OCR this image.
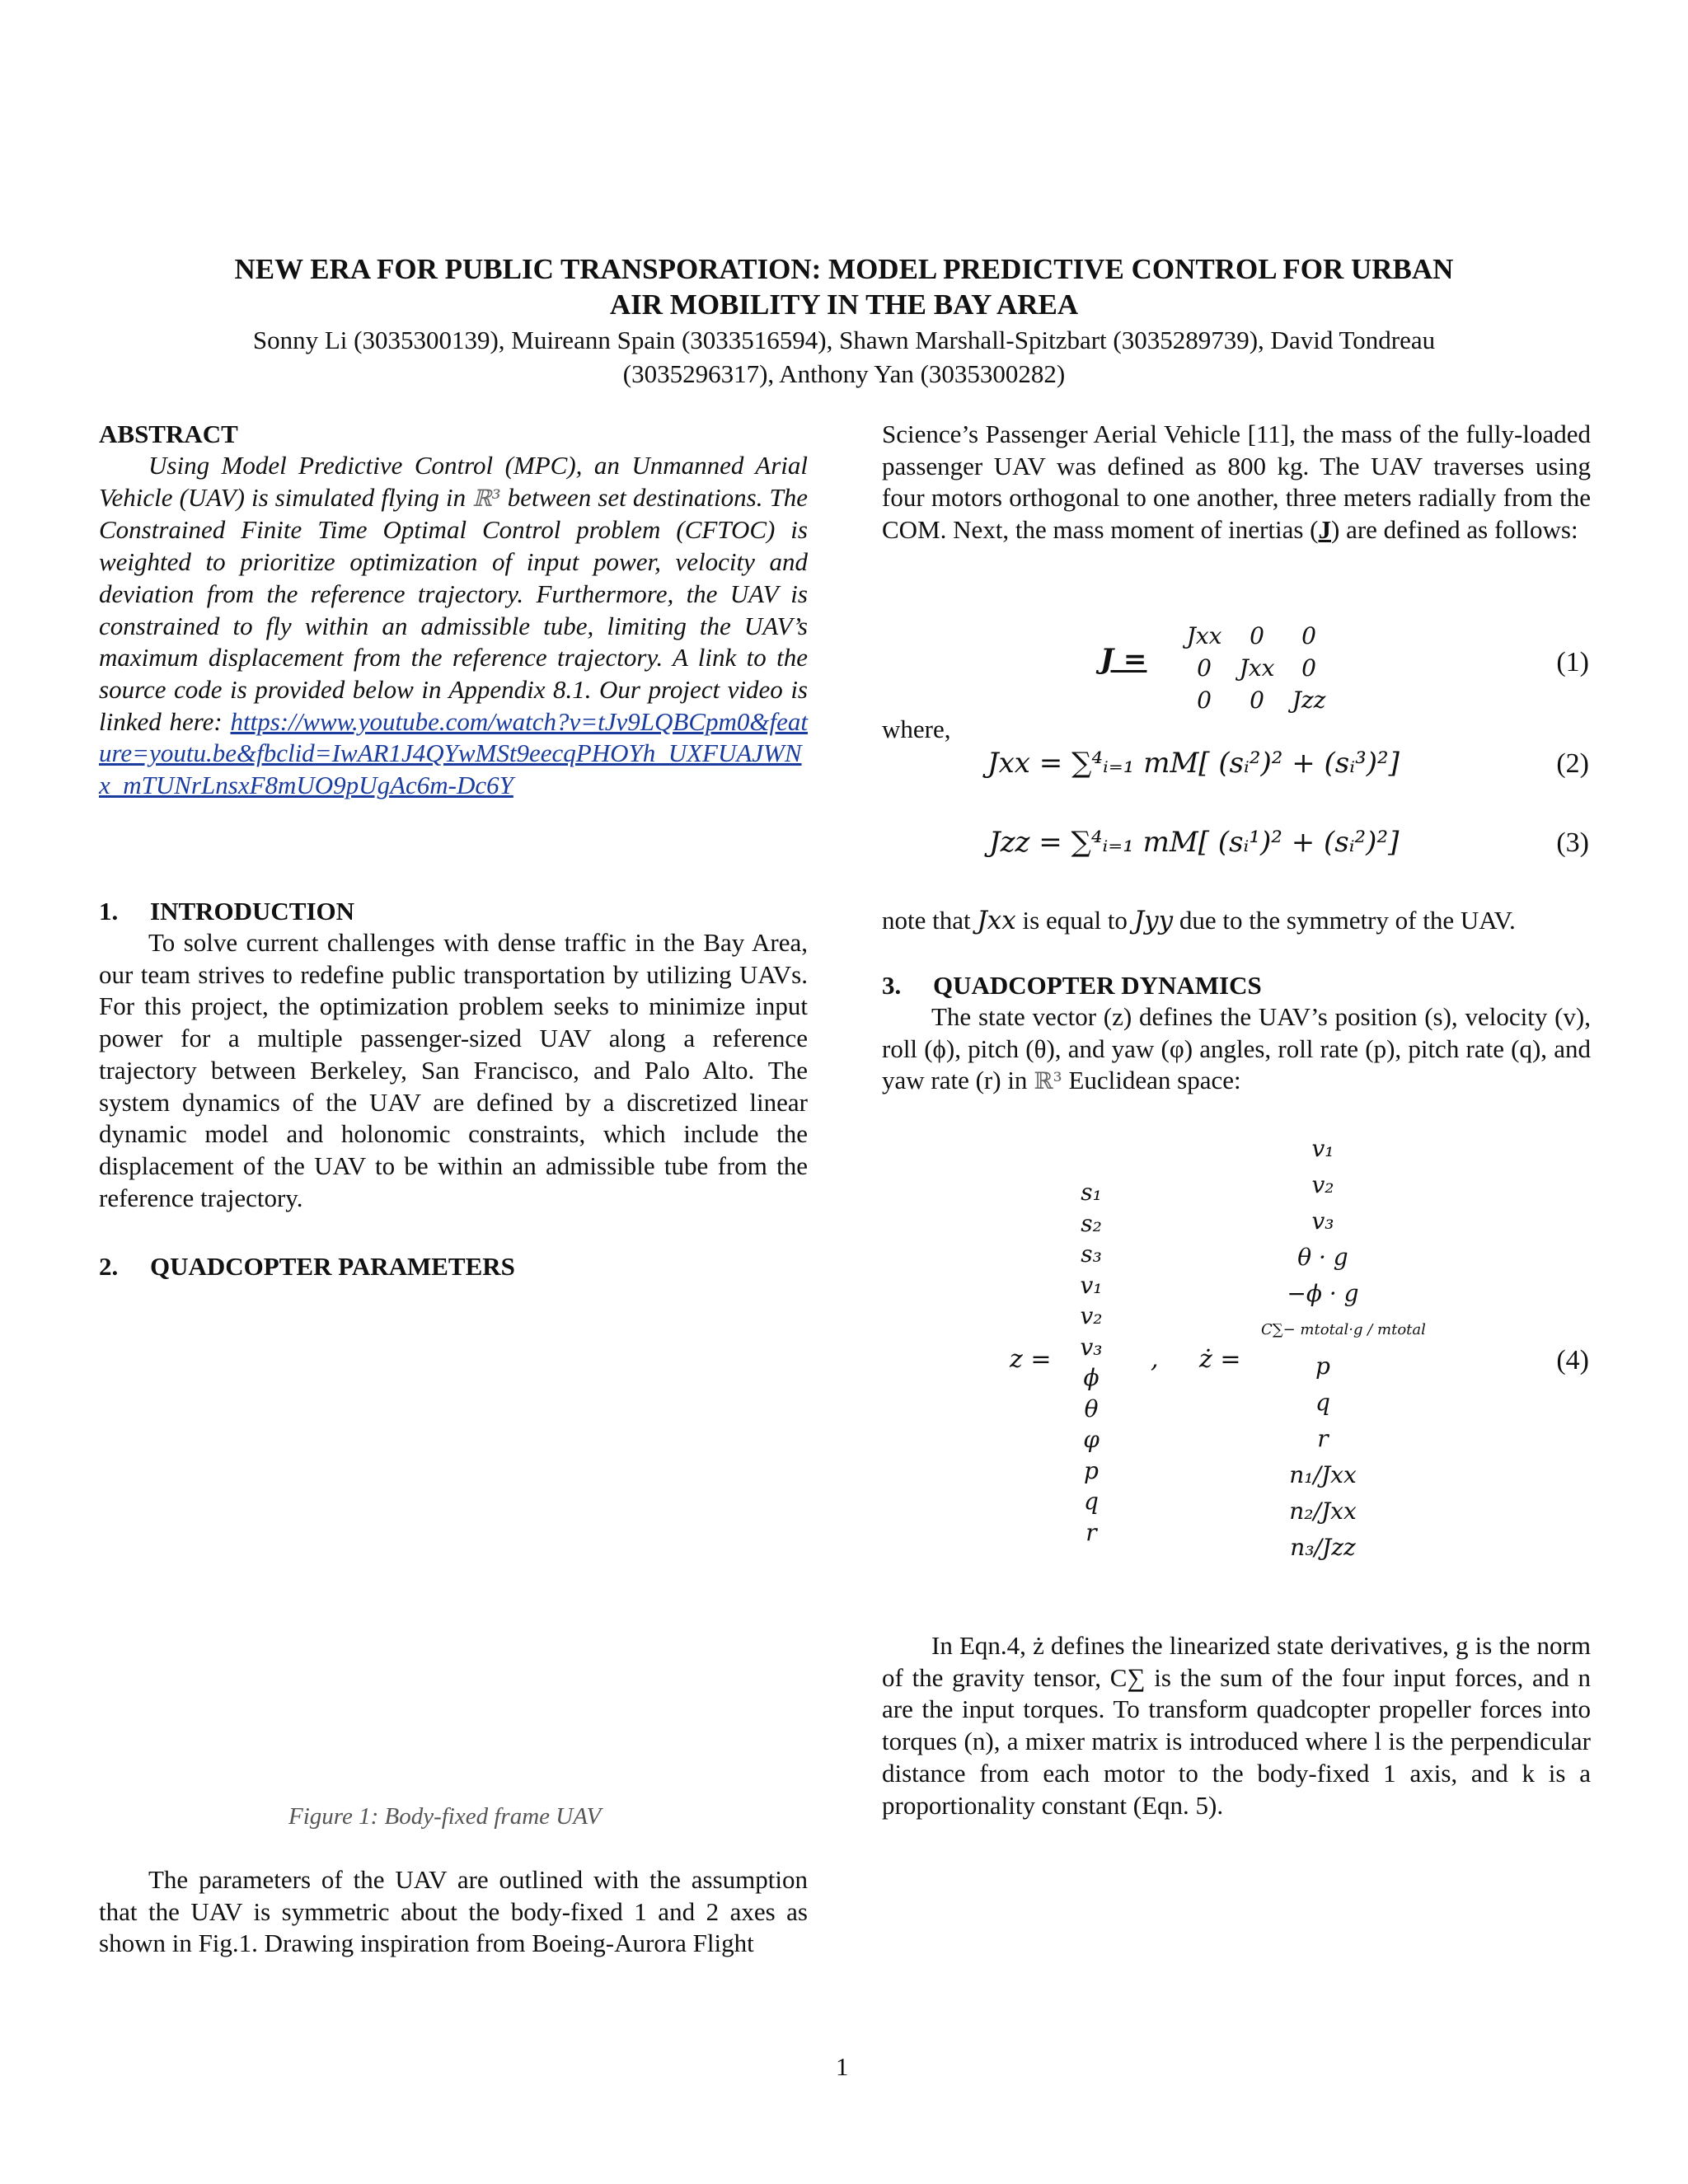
NEW ERA FOR PUBLIC TRANSPORATION: MODEL PREDICTIVE CONTROL FOR URBAN
AIR MOBILITY IN THE BAY AREA
Sonny Li (3035300139), Muireann Spain (3033516594), Shawn Marshall-Spitzbart (3035289739), David Tondreau
(3035296317), Anthony Yan (3035300282)
ABSTRACT

Using Model Predictive Control (MPC), an Unmanned Arial Vehicle (UAV) is simulated flying in ℝ³ between set destinations. The Constrained Finite Time Optimal Control problem (CFTOC) is weighted to prioritize optimization of input power, velocity and deviation from the reference trajectory. Furthermore, the UAV is constrained to fly within an admissible tube, limiting the UAV’s maximum displacement from the reference trajectory. A link to the source code is provided below in Appendix 8.1. Our project video is linked here: https://www.youtube.com/watch?v=tJv9LQBCpm0&feature=youtu.be&fbclid=IwAR1J4QYwMSt9eecqPHOYh_UXFUAJWNx_mTUNrLnsxF8mUO9pUgAc6m-Dc6Y

1. INTRODUCTION

To solve current challenges with dense traffic in the Bay Area, our team strives to redefine public transportation by utilizing UAVs. For this project, the optimization problem seeks to minimize input power for a multiple passenger-sized UAV along a reference trajectory between Berkeley, San Francisco, and Palo Alto. The system dynamics of the UAV are defined by a discretized linear dynamic model and holonomic constraints, which include the displacement of the UAV to be within an admissible tube from the reference trajectory.

2. QUADCOPTER PARAMETERS
4	1
3	2
2
B
1
B
R
l
α
m M	m M
m B
m M	m M
Figure 1: Body-fixed frame UAV

The parameters of the UAV are outlined with the assumption that the UAV is symmetric about the body-fixed 1 and 2 axes as shown in Fig.1. Drawing inspiration from Boeing-Aurora Flight

Science’s Passenger Aerial Vehicle [11], the mass of the fully-loaded passenger UAV was defined as 800 kg. The UAV traverses using four motors orthogonal to one another, three meters radially from the COM. Next, the mass moment of inertias (J) are defined as follows:

J =
Jxx	0	0
0	Jxx	0
0	0	Jzz
(1)

where,

Jxx = ∑⁴ᵢ₌₁ mM[ (sᵢ²)² + (sᵢ³)²]	(2)
Jzz = ∑⁴ᵢ₌₁ mM[ (sᵢ¹)² + (sᵢ²)²]	(3)

note that Jxx is equal to Jyy due to the symmetry of the UAV.

3. QUADCOPTER DYNAMICS

The state vector (z) defines the UAV’s position (s), velocity (v), roll (ϕ), pitch (θ), and yaw (φ) angles, roll rate (p), pitch rate (q), and yaw rate (r) in ℝ³ Euclidean space:

z =
s₁
s₂
s₃
v₁
v₂
v₃
ϕ
θ
φ
p
q
r
, ż =
v₁
v₂
v₃
θ · g
−ϕ · g
C∑− mtotal·g / mtotal
p
q
r
n₁/Jxx
n₂/Jxx
n₃/Jzz
(4)

In Eqn.4, ż defines the linearized state derivatives, g is the norm of the gravity tensor, C∑ is the sum of the four input forces, and n are the input torques. To transform quadcopter propeller forces into torques (n), a mixer matrix is introduced where l is the perpendicular distance from each motor to the body-fixed 1 axis, and k is a proportionality constant (Eqn. 5).

1
